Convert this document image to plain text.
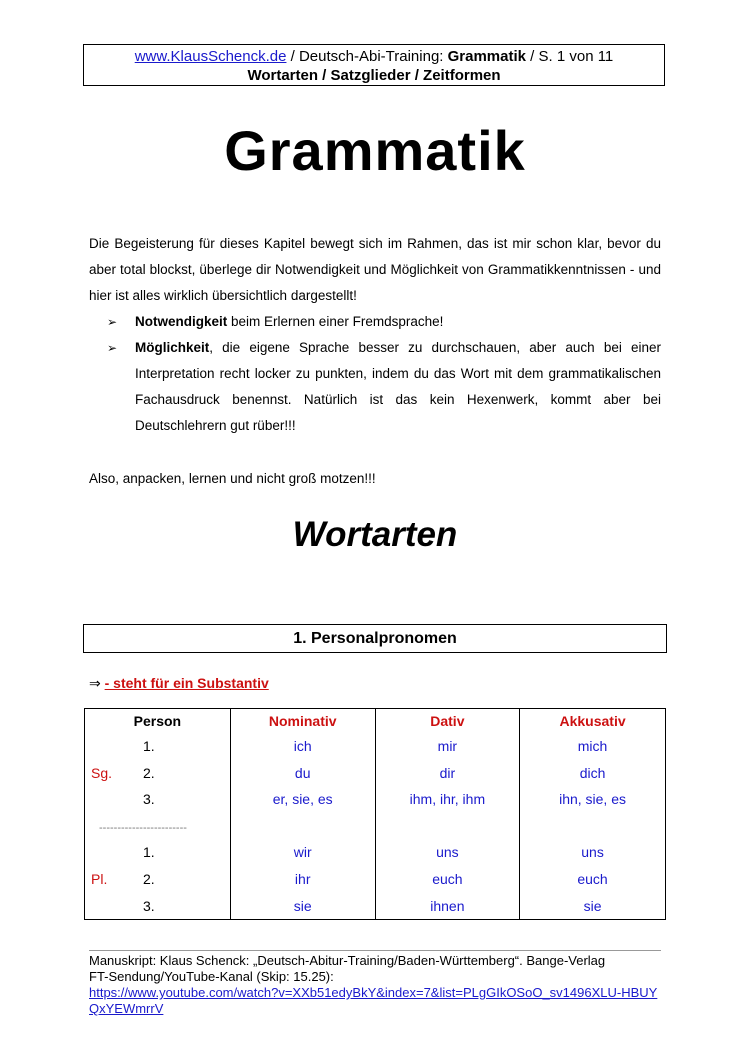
www.KlausSchenck.de / Deutsch-Abi-Training: Grammatik / S. 1 von 11
Wortarten / Satzglieder / Zeitformen
Grammatik
Die Begeisterung für dieses Kapitel bewegt sich im Rahmen, das ist mir schon klar, bevor du aber total blockst, überlege dir Notwendigkeit und Möglichkeit von Grammatikkenntnissen - und hier ist alles wirklich übersichtlich dargestellt!
➢	Notwendigkeit beim Erlernen einer Fremdsprache!
➢	Möglichkeit, die eigene Sprache besser zu durchschauen, aber auch bei einer Interpretation recht locker zu punkten, indem du das Wort mit dem grammatikalischen Fachausdruck benennst. Natürlich ist das kein Hexenwerk, kommt aber bei Deutschlehrern gut rüber!!!
Also, anpacken, lernen und nicht groß motzen!!!
Wortarten
1. Personalpronomen
⇒ - steht für ein Substantiv
Person	Nominativ	Dativ	Akkusativ
1.	ich	mir	mich
Sg. 2.	du	dir	dich
3.	er, sie, es	ihm, ihr, ihm	ihn, sie, es
------------------------			
1.	wir	uns	uns
Pl. 2.	ihr	euch	euch
3.	sie	ihnen	sie
Manuskript: Klaus Schenck: „Deutsch-Abitur-Training/Baden-Württemberg“. Bange-Verlag
FT-Sendung/YouTube-Kanal (Skip: 15.25):
https://www.youtube.com/watch?v=XXb51edyBkY&index=7&list=PLgGIkOSoO_sv1496XLU-HBUYQxYEWmrrV
